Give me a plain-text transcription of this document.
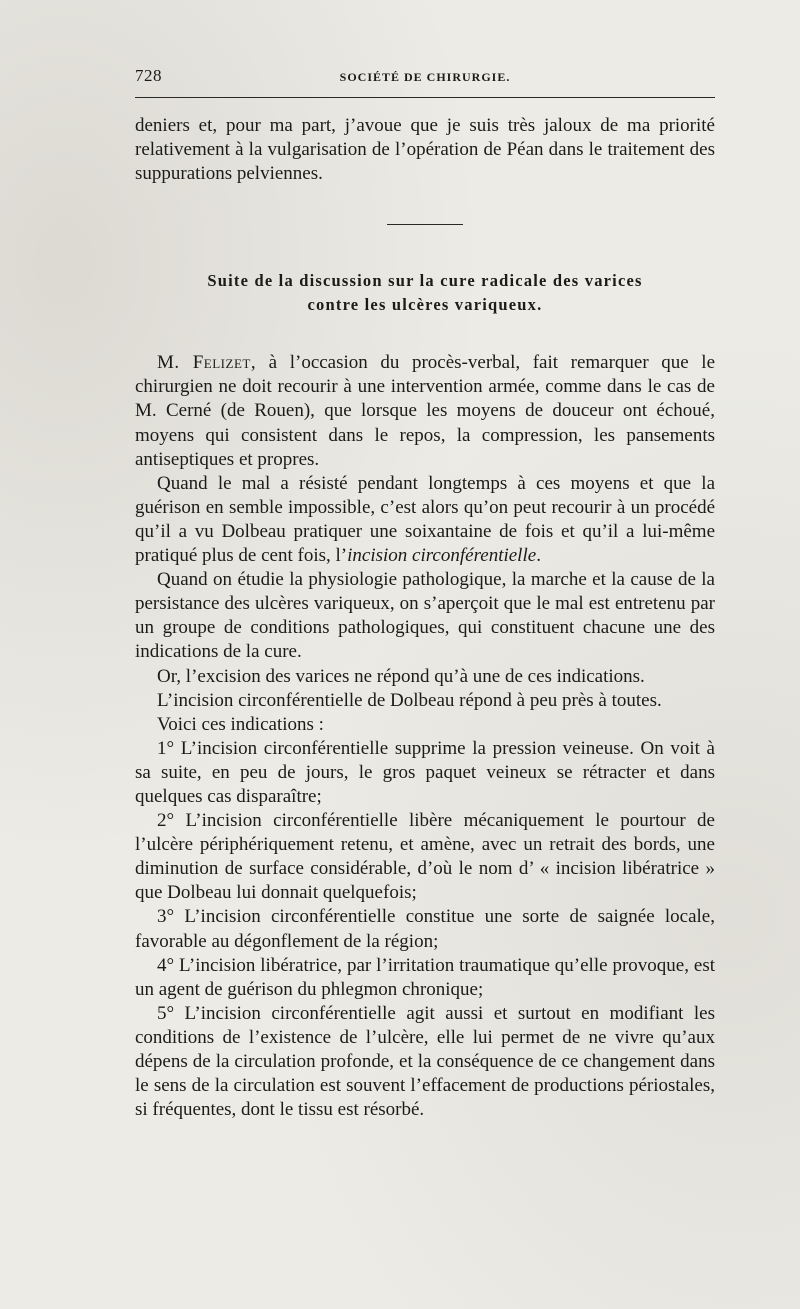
728	SOCIÉTÉ DE CHIRURGIE.

deniers et, pour ma part, j’avoue que je suis très jaloux de ma priorité relativement à la vulgarisation de l’opération de Péan dans le traitement des suppurations pelviennes.

Suite de la discussion sur la cure radicale des varices
contre les ulcères variqueux.

M. Felizet, à l’occasion du procès-verbal, fait remarquer que le chirurgien ne doit recourir à une intervention armée, comme dans le cas de M. Cerné (de Rouen), que lorsque les moyens de douceur ont échoué, moyens qui consistent dans le repos, la compression, les pansements antiseptiques et propres.

Quand le mal a résisté pendant longtemps à ces moyens et que la guérison en semble impossible, c’est alors qu’on peut recourir à un procédé qu’il a vu Dolbeau pratiquer une soixantaine de fois et qu’il a lui-même pratiqué plus de cent fois, l’incision circonférentielle.

Quand on étudie la physiologie pathologique, la marche et la cause de la persistance des ulcères variqueux, on s’aperçoit que le mal est entretenu par un groupe de conditions pathologiques, qui constituent chacune une des indications de la cure.

Or, l’excision des varices ne répond qu’à une de ces indications.

L’incision circonférentielle de Dolbeau répond à peu près à toutes.

Voici ces indications :

1° L’incision circonférentielle supprime la pression veineuse. On voit à sa suite, en peu de jours, le gros paquet veineux se rétracter et dans quelques cas disparaître;

2° L’incision circonférentielle libère mécaniquement le pourtour de l’ulcère périphériquement retenu, et amène, avec un retrait des bords, une diminution de surface considérable, d’où le nom d’ « incision libératrice » que Dolbeau lui donnait quelquefois;

3° L’incision circonférentielle constitue une sorte de saignée locale, favorable au dégonflement de la région;

4° L’incision libératrice, par l’irritation traumatique qu’elle provoque, est un agent de guérison du phlegmon chronique;

5° L’incision circonférentielle agit aussi et surtout en modifiant les conditions de l’existence de l’ulcère, elle lui permet de ne vivre qu’aux dépens de la circulation profonde, et la conséquence de ce changement dans le sens de la circulation est souvent l’effacement de productions périostales, si fréquentes, dont le tissu est résorbé.
